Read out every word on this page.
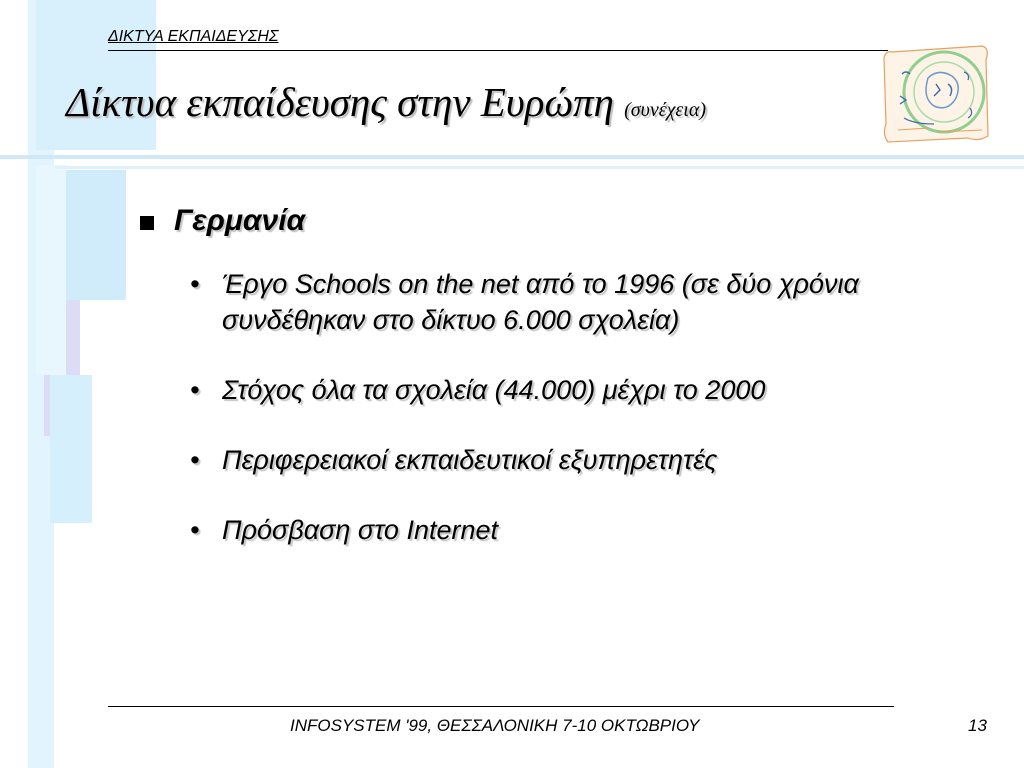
ΔΙΚΤΥΑ ΕΚΠΑΙΔΕΥΣΗΣ
Δίκτυα εκπαίδευσης στην Ευρώπη (συνέχεια)
Γερμανία
• Έργο Schools on the net από το 1996 (σε δύο χρόνια συνδέθηκαν στο δίκτυο 6.000 σχολεία)
• Στόχος όλα τα σχολεία (44.000) μέχρι το 2000
• Περιφερειακοί εκπαιδευτικοί εξυπηρετητές
• Πρόσβαση στο Internet
INFOSYSTEM '99, ΘΕΣΣΑΛΟΝΙΚΗ 7-10 ΟΚΤΩΒΡΙΟΥ	13
